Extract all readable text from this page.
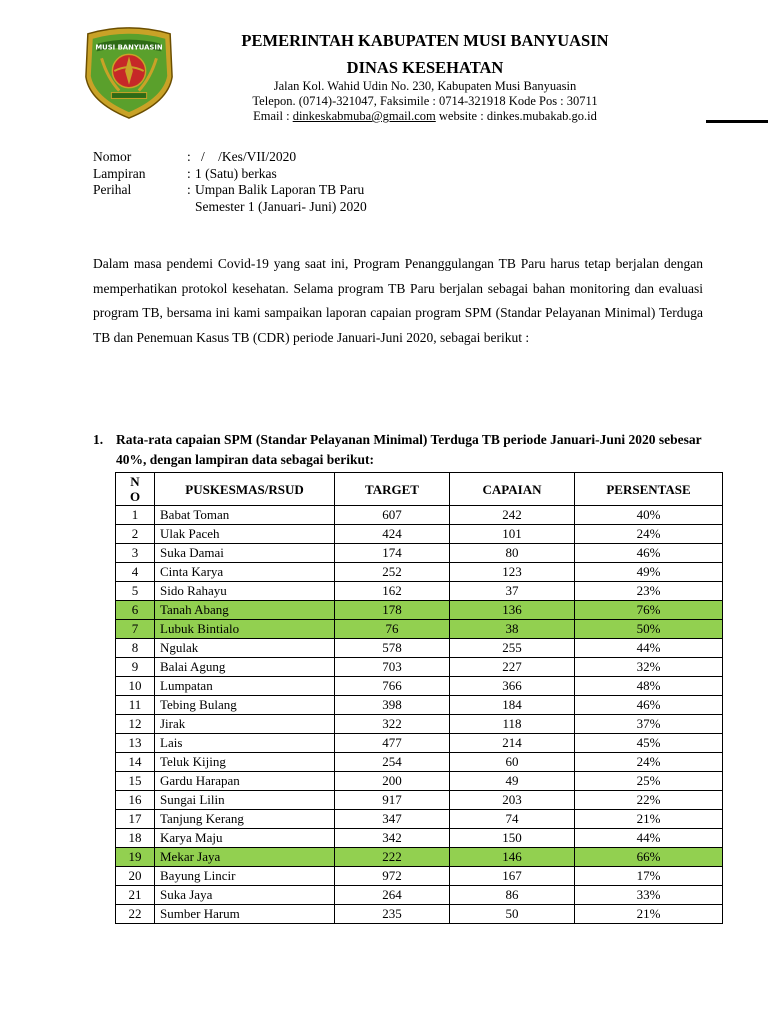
MUSI BANYUASIN	PEMERINTAH KABUPATEN MUSI BANYUASIN
DINAS KESEHATAN
Jalan Kol. Wahid Udin No. 230, Kabupaten Musi Banyuasin
Telepon. (0714)-321047, Faksimile : 0714-321918 Kode Pos : 30711
Email : dinkeskabmuba@gmail.com website : dinkes.mubakab.go.id
Nomor	: / /Kes/VII/2020
Lampiran	: 1 (Satu) berkas
Perihal	: Umpan Balik Laporan TB Paru
Semester 1 (Januari- Juni) 2020
Dalam masa pendemi Covid-19 yang saat ini, Program Penanggulangan TB Paru harus tetap berjalan dengan memperhatikan protokol kesehatan. Selama program TB Paru berjalan sebagai bahan monitoring dan evaluasi program TB, bersama ini kami sampaikan laporan capaian program SPM (Standar Pelayanan Minimal) Terduga TB dan Penemuan Kasus TB (CDR) periode Januari-Juni 2020, sebagai berikut :
1. Rata-rata capaian SPM (Standar Pelayanan Minimal) Terduga TB periode Januari-Juni 2020 sebesar 40%, dengan lampiran data sebagai berikut:
N O	PUSKESMAS/RSUD	TARGET	CAPAIAN	PERSENTASE
1	Babat Toman	607	242	40%
2	Ulak Paceh	424	101	24%
3	Suka Damai	174	80	46%
4	Cinta Karya	252	123	49%
5	Sido Rahayu	162	37	23%
6	Tanah Abang	178	136	76%
7	Lubuk Bintialo	76	38	50%
8	Ngulak	578	255	44%
9	Balai Agung	703	227	32%
10	Lumpatan	766	366	48%
11	Tebing Bulang	398	184	46%
12	Jirak	322	118	37%
13	Lais	477	214	45%
14	Teluk Kijing	254	60	24%
15	Gardu Harapan	200	49	25%
16	Sungai Lilin	917	203	22%
17	Tanjung Kerang	347	74	21%
18	Karya Maju	342	150	44%
19	Mekar Jaya	222	146	66%
20	Bayung Lincir	972	167	17%
21	Suka Jaya	264	86	33%
22	Sumber Harum	235	50	21%
